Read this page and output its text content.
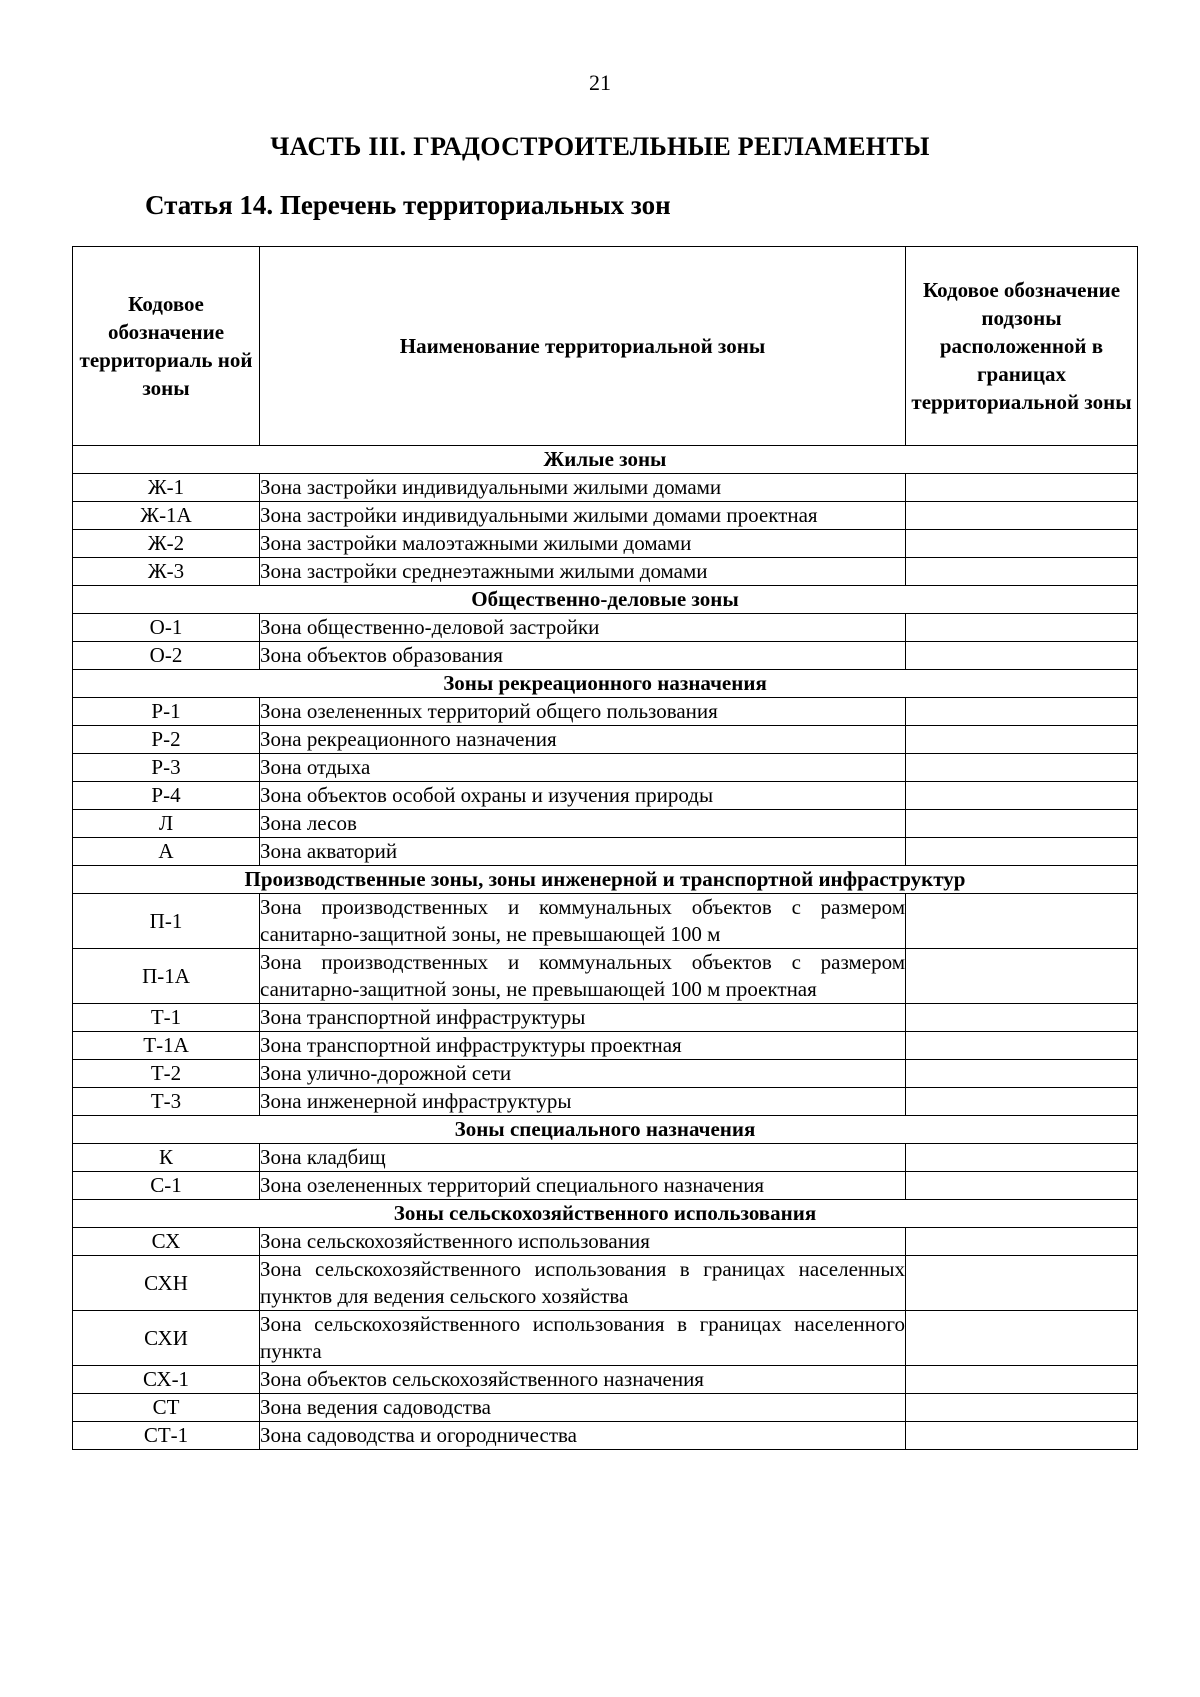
21
ЧАСТЬ III. ГРАДОСТРОИТЕЛЬНЫЕ РЕГЛАМЕНТЫ
Статья 14. Перечень территориальных зон
Кодовое обозначение территориаль ной зоны	Наименование территориальной зоны	Кодовое обозначение подзоны расположенной в границах территориальной зоны
Жилые зоны		
Ж-1	Зона застройки индивидуальными жилыми домами	
Ж-1А	Зона застройки индивидуальными жилыми домами проектная	
Ж-2	Зона застройки малоэтажными жилыми домами	
Ж-3	Зона застройки среднеэтажными жилыми домами	
Общественно-деловые зоны		
О-1	Зона общественно-деловой застройки	
О-2	Зона объектов образования	
Зоны рекреационного назначения		
Р-1	Зона озелененных территорий общего пользования	
Р-2	Зона рекреационного назначения	
Р-3	Зона отдыха	
Р-4	Зона объектов особой охраны и изучения природы	
Л	Зона лесов	
А	Зона акваторий	
Производственные зоны, зоны инженерной и транспортной инфраструктур		
П-1	Зона производственных и коммунальных объектов с размером санитарно-защитной зоны, не превышающей 100 м	
П-1А	Зона производственных и коммунальных объектов с размером санитарно-защитной зоны, не превышающей 100 м проектная	
Т-1	Зона транспортной инфраструктуры	
Т-1А	Зона транспортной инфраструктуры проектная	
Т-2	Зона улично-дорожной сети	
Т-3	Зона инженерной инфраструктуры	
Зоны специального назначения		
К	Зона кладбищ	
С-1	Зона озелененных территорий специального назначения	
Зоны сельскохозяйственного использования		
СХ	Зона сельскохозяйственного использования	
СХН	Зона сельскохозяйственного использования в границах населенных пунктов для ведения сельского хозяйства	
СХИ	Зона сельскохозяйственного использования в границах населенного пункта	
СХ-1	Зона объектов сельскохозяйственного назначения	
СТ	Зона ведения садоводства	
СТ-1	Зона садоводства и огородничества	
